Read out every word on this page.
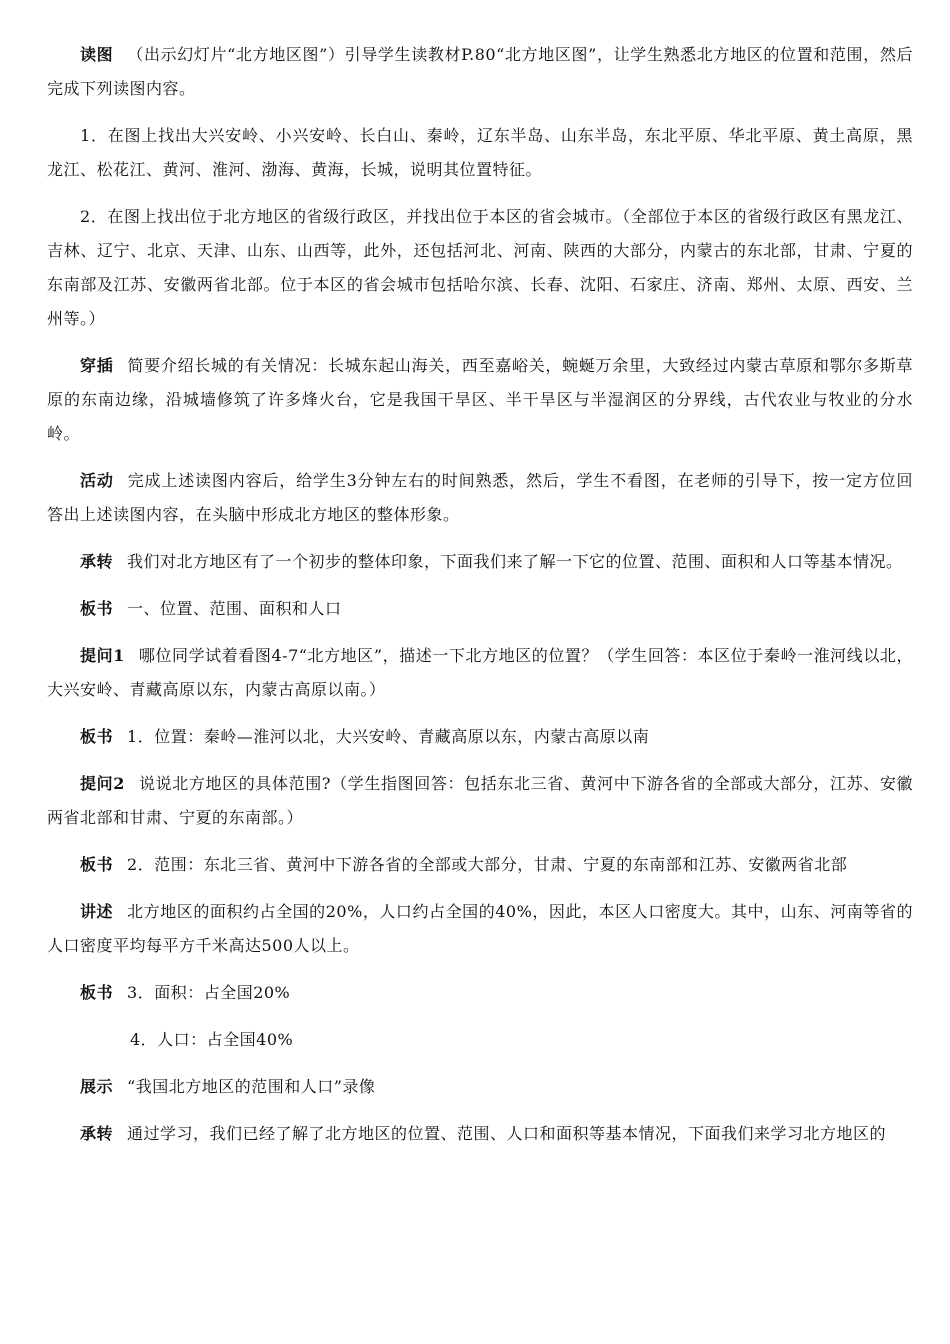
读图 （出示幻灯片“北方地区图”）引导学生读教材P.80“北方地区图”，让学生熟悉北方地区的位置和范围，然后完成下列读图内容。

1．在图上找出大兴安岭、小兴安岭、长白山、秦岭，辽东半岛、山东半岛，东北平原、华北平原、黄土高原，黑龙江、松花江、黄河、淮河、渤海、黄海，长城，说明其位置特征。

2．在图上找出位于北方地区的省级行政区，并找出位于本区的省会城市。（全部位于本区的省级行政区有黑龙江、吉林、辽宁、北京、天津、山东、山西等，此外，还包括河北、河南、陕西的大部分，内蒙古的东北部，甘肃、宁夏的东南部及江苏、安徽两省北部。位于本区的省会城市包括哈尔滨、长春、沈阳、石家庄、济南、郑州、太原、西安、兰州等。）

穿插 简要介绍长城的有关情况：长城东起山海关，西至嘉峪关，蜿蜒万余里，大致经过内蒙古草原和鄂尔多斯草原的东南边缘，沿城墙修筑了许多烽火台，它是我国干旱区、半干旱区与半湿润区的分界线，古代农业与牧业的分水岭。

活动 完成上述读图内容后，给学生3分钟左右的时间熟悉，然后，学生不看图，在老师的引导下，按一定方位回答出上述读图内容，在头脑中形成北方地区的整体形象。

承转 我们对北方地区有了一个初步的整体印象，下面我们来了解一下它的位置、范围、面积和人口等基本情况。

板书 一、位置、范围、面积和人口

提问1 哪位同学试着看图4-7“北方地区”，描述一下北方地区的位置？（学生回答：本区位于秦岭一淮河线以北，大兴安岭、青藏高原以东，内蒙古高原以南。）

板书 1．位置：秦岭—淮河以北，大兴安岭、青藏高原以东，内蒙古高原以南

提问2 说说北方地区的具体范围?（学生指图回答：包括东北三省、黄河中下游各省的全部或大部分，江苏、安徽两省北部和甘肃、宁夏的东南部。）

板书 2．范围：东北三省、黄河中下游各省的全部或大部分，甘肃、宁夏的东南部和江苏、安徽两省北部

讲述 北方地区的面积约占全国的20%，人口约占全国的40%，因此，本区人口密度大。其中，山东、河南等省的人口密度平均每平方千米高达500人以上。

板书 3．面积：占全国20%

4．人口：占全国40%

展示 “我国北方地区的范围和人口”录像

承转 通过学习，我们已经了解了北方地区的位置、范围、人口和面积等基本情况，下面我们来学习北方地区的
